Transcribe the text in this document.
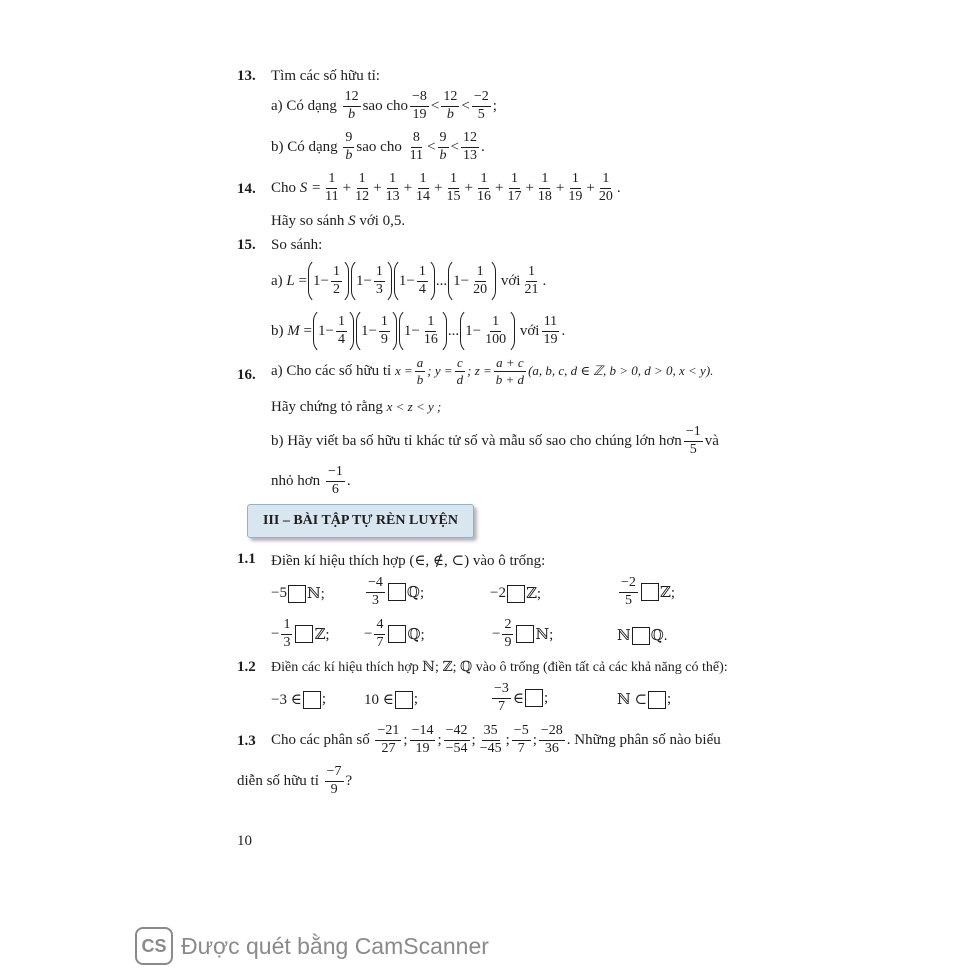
13. Tìm các số hữu tỉ:
a) Có dạng
$\frac{12}{b}$ sao cho $\frac{-8}{19} < \frac{12}{b} < \frac{-2}{5}$ ;
b) Có dạng
$\frac{9}{b}$ sao cho
$\frac{8}{11} < \frac{9}{b} < \frac{12}{13}$ .
14. Cho
$S = \frac{1}{11} + \frac{1}{12} + \frac{1}{13} + \frac{1}{14} + \frac{1}{15} + \frac{1}{16} + \frac{1}{17} + \frac{1}{18} + \frac{1}{19} + \frac{1}{20}$ .
Hãy so sánh S với 0,5.
15. So sánh:
a)
$L = 1- \frac{1}{2} 1- \frac{1}{3} 1- \frac{1}{4}$ ... $1- \frac{1}{20}$
với $\frac{1}{21}$ .
b)
$M = 1- \frac{1}{4} 1- \frac{1}{9} 1- \frac{1}{16}$ ... $1- \frac{1}{100}$
với $\frac{11}{19}$ .
16. a) Cho các số hữu tỉ
$x = \frac{a}{b}$ ; $y = \frac{c}{d}$ ; $z = \frac{a + c}{b + d} (a$, b, c, d ∈ ℤ, b > 0, d > 0, x < y).
Hãy chứng tỏ rằng x < z < y ;
b) Hãy viết ba số hữu tỉ khác tử số và mẫu số sao cho chúng lớn hơn $\frac{-1}{5}$ và
nhỏ hơn
$\frac{-1}{6}$ .
III – BÀI TẬP TỰ RÈN LUYỆN
1.1 Điền kí hiệu thích hợp (∈, ∉, ⊂) vào ô trống:
−5 ℕ;	$\frac{-4}{3}$ ℚ;	−2 ℤ;	$\frac{-2}{5}$ ℤ;
− $\frac{1}{3}$ ℤ; − $\frac{4}{7}$ ℚ;	− $\frac{2}{9}$ ℕ;	ℕ ℚ.
1.2 Điền các kí hiệu thích hợp ℕ; ℤ; ℚ vào ô trống (điền tất cả các khả năng có thể):
−3 ∈ ;	10 ∈ ;	$\frac{-3}{7}$ ∈ ;	ℕ ⊂ ;
1.3 Cho các phân số
$\frac{-21}{27}$ ; $\frac{-14}{19}$ ; $\frac{-42}{-54}$ ; $\frac{35}{-45}$ ; $\frac{-5}{7}$ ; $\frac{-28}{36}$ . Những phân số nào biểu
diễn số hữu tỉ
$\frac{-7}{9}$ ?
10
CS Được quét bằng CamScanner
